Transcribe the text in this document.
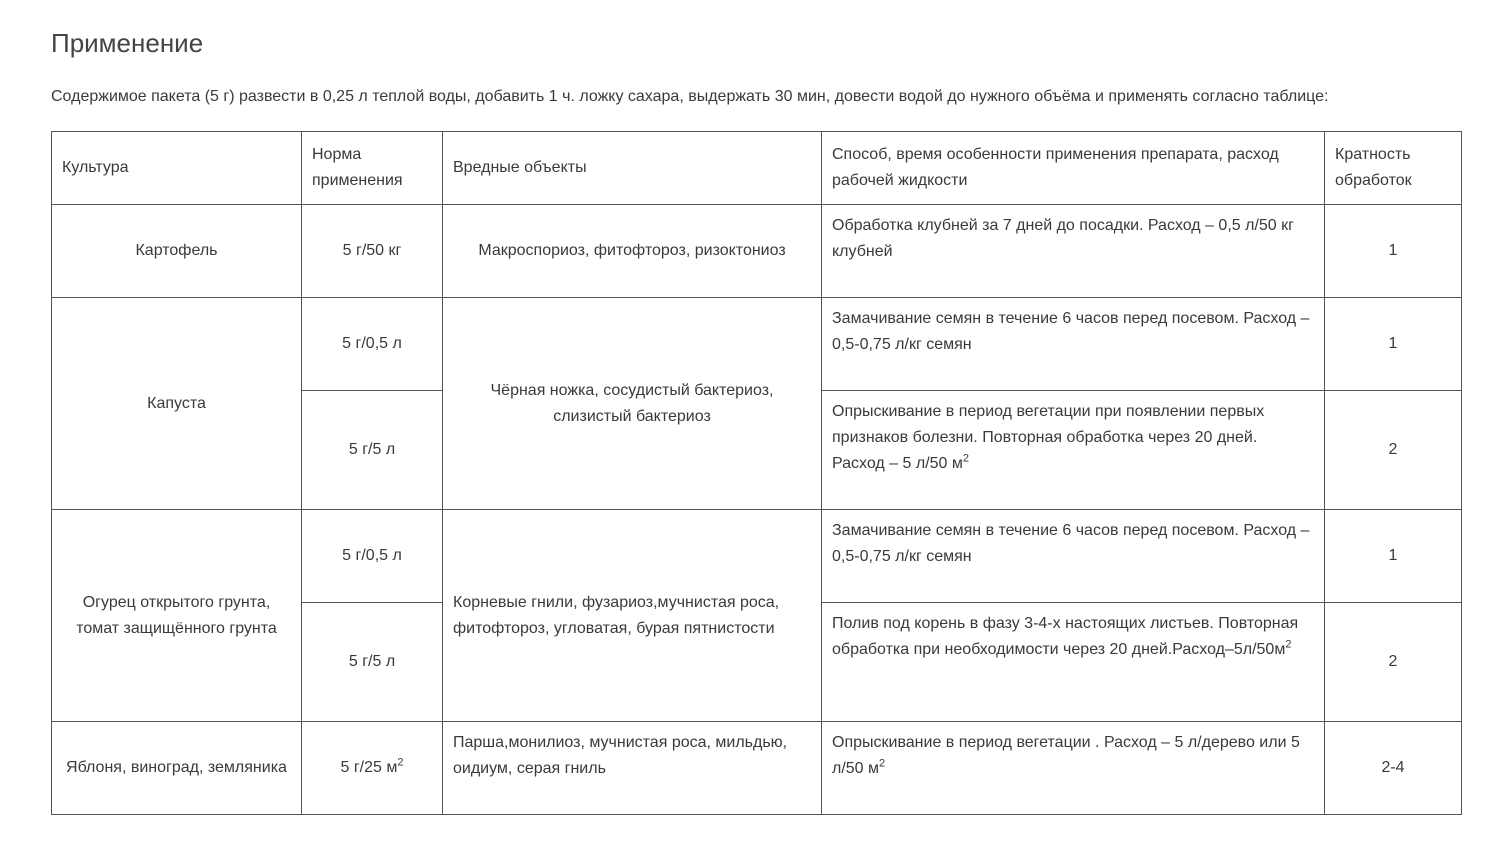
Применение

Содержимое пакета (5 г) развести в 0,25 л теплой воды, добавить 1 ч. ложку сахара, выдержать 30 мин, довести водой до нужного объёма и применять согласно таблице:

Культура	Норма применения	Вредные объекты	Способ, время особенности применения препарата, расход рабочей жидкости	Кратность обработок
Картофель	5 г/50 кг	Макроспориоз, фитофтороз, ризоктониоз	Обработка клубней за 7 дней до посадки. Расход – 0,5 л/50 кг клубней	1
Капуста	5 г/0,5 л	Чёрная ножка, сосудистый бактериоз, слизистый бактериоз	Замачивание семян в течение 6 часов перед посевом. Расход – 0,5-0,75 л/кг семян	1
	5 г/5 л		Опрыскивание в период вегетации при появлении первых признаков болезни. Повторная обработка через 20 дней. Расход – 5 л/50 $м^2$	2
Огурец открытого грунта, томат защищённого грунта	5 г/0,5 л	Корневые гнили, фузариоз,мучнистая роса, фитофтороз, угловатая, бурая пятнистости	Замачивание семян в течение 6 часов перед посевом. Расход – 0,5-0,75 л/кг семян	1
	5 г/5 л		Полив под корень в фазу 3-4-х настоящих листьев. Повторная обработка при необходимости через 20 $дней.Расход-5л/50м^2$	2
Яблоня, виноград, земляника	5 г/25 $м^2$	Парша,монилиоз, мучнистая роса, мильдью, оидиум, серая гниль	Опрыскивание в период вегетации . Расход – 5 л/дерево или 5 л/50 $м^2$	2-4
